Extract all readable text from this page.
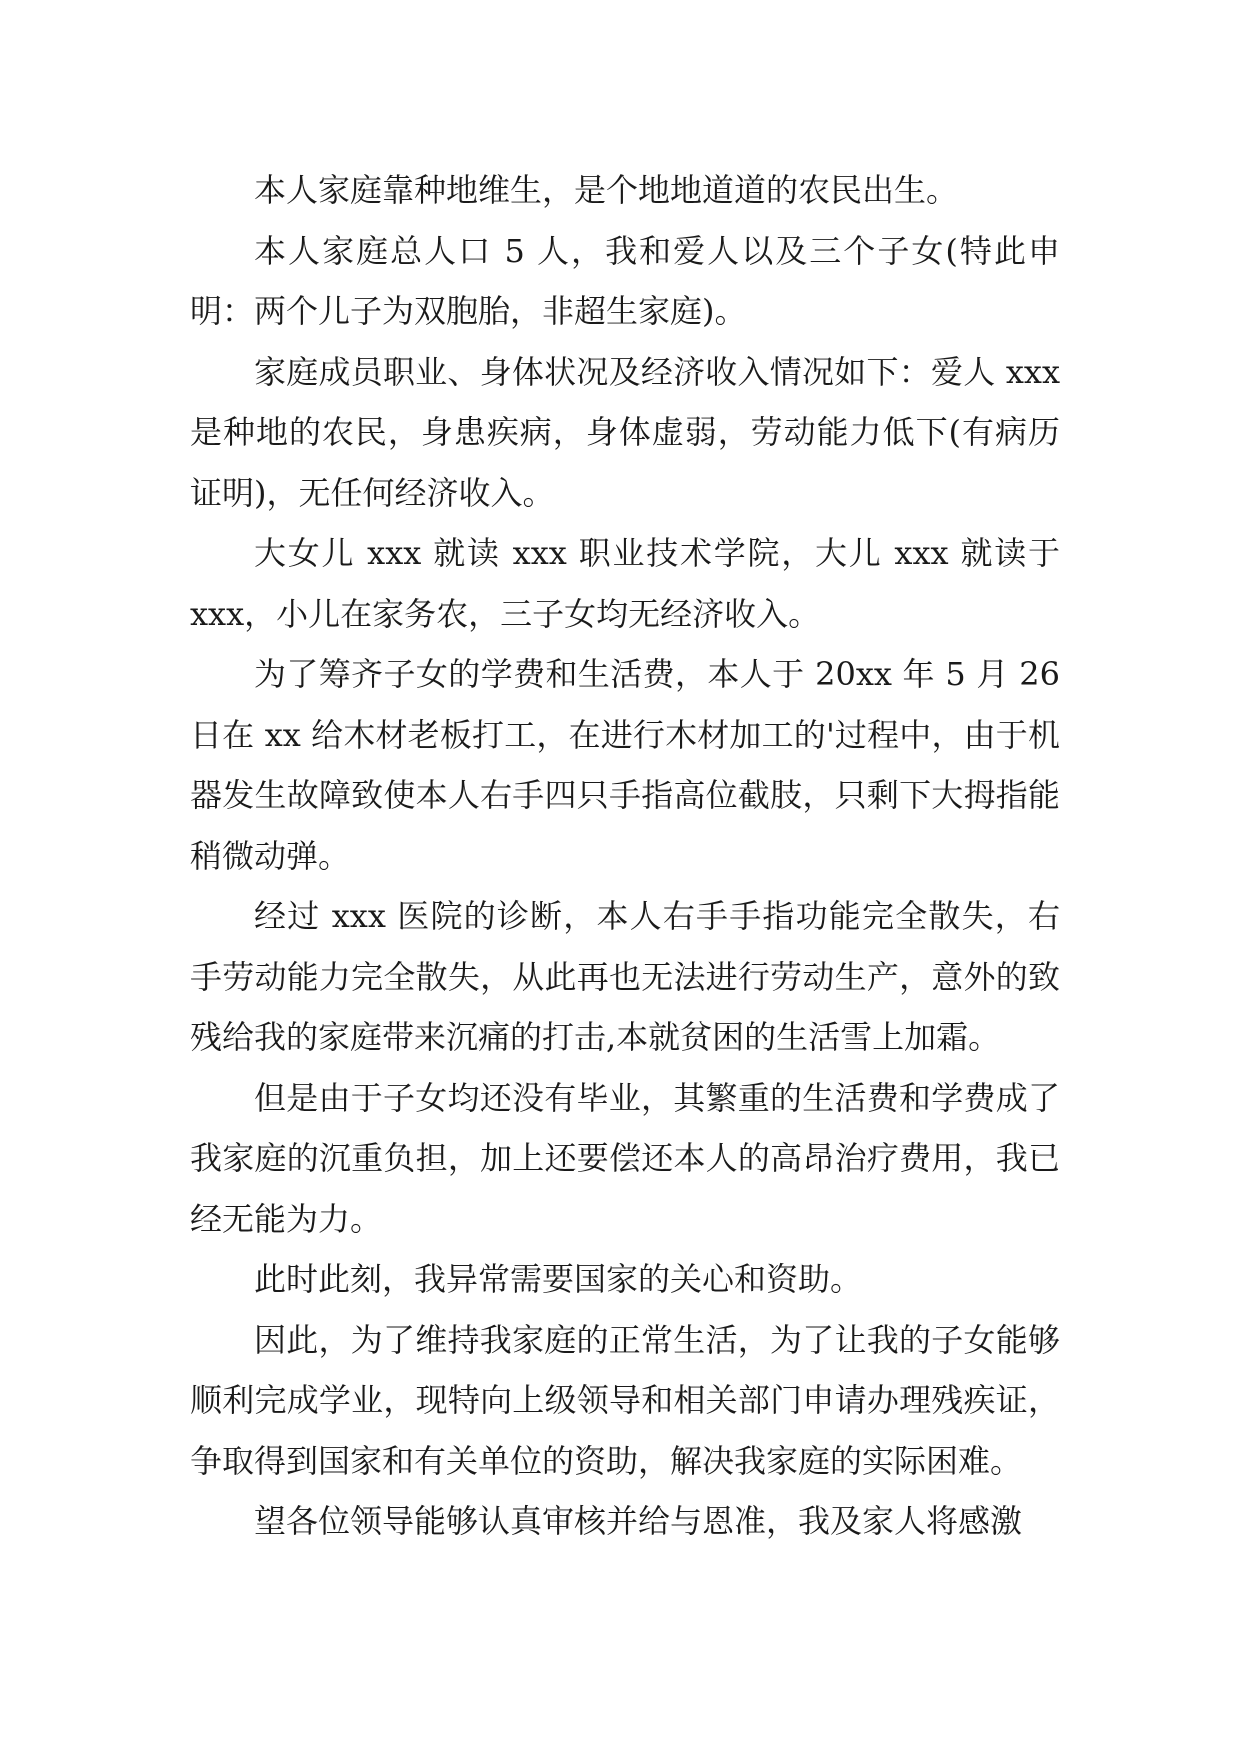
本人家庭靠种地维生，是个地地道道的农民出生。

本人家庭总人口 5 人，我和爱人以及三个子女(特此申明：两个儿子为双胞胎，非超生家庭)。

家庭成员职业、身体状况及经济收入情况如下：爱人 xxx 是种地的农民，身患疾病，身体虚弱，劳动能力低下(有病历证明)，无任何经济收入。

大女儿 xxx 就读 xxx 职业技术学院，大儿 xxx 就读于 xxx，小儿在家务农，三子女均无经济收入。

为了筹齐子女的学费和生活费，本人于 20xx 年 5 月 26 日在 xx 给木材老板打工，在进行木材加工的'过程中，由于机器发生故障致使本人右手四只手指高位截肢，只剩下大拇指能稍微动弹。

经过 xxx 医院的诊断，本人右手手指功能完全散失，右手劳动能力完全散失，从此再也无法进行劳动生产，意外的致残给我的家庭带来沉痛的打击,本就贫困的生活雪上加霜。

但是由于子女均还没有毕业，其繁重的生活费和学费成了我家庭的沉重负担，加上还要偿还本人的高昂治疗费用，我已经无能为力。

此时此刻，我异常需要国家的关心和资助。

因此，为了维持我家庭的正常生活，为了让我的子女能够顺利完成学业，现特向上级领导和相关部门申请办理残疾证，争取得到国家和有关单位的资助，解决我家庭的实际困难。

望各位领导能够认真审核并给与恩准，我及家人将感激
